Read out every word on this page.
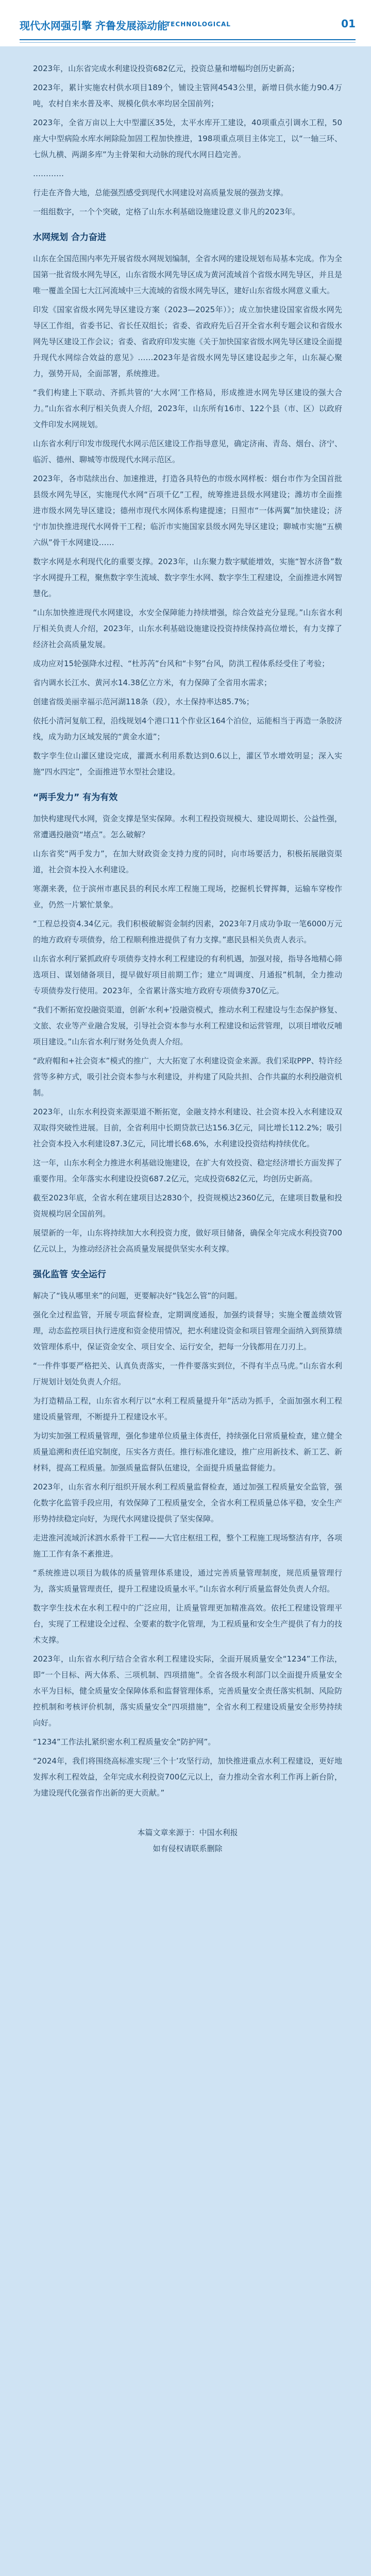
现代水网强引擎 齐鲁发展添动能
TECHNOLOGICAL	01

2023年，山东省完成水利建设投资682亿元，投资总量和增幅均创历史新高；

2023年，累计实施农村供水项目189个，铺设主管网4543公里，新增日供水能力90.4万吨，农村自来水普及率、规模化供水率均居全国前列；

2023年，全省万亩以上大中型灌区35处，太平水库开工建设，40项重点引调水工程，50座大中型病险水库水闸除险加固工程加快推进，198项重点项目主体完工，以“一轴三环、七纵九横、两湖多库”为主骨架和大动脉的现代水网日趋完善。

…………

行走在齐鲁大地，总能强烈感受到现代水网建设对高质量发展的强劲支撑。

一组组数字，一个个突破，定格了山东水利基础设施建设意义非凡的2023年。

水网规划 合力奋进

山东在全国范围内率先开展省级水网规划编制，全省水网的建设规划布局基本完成。作为全国第一批省级水网先导区，山东省级水网先导区成为黄河流域首个省级水网先导区，并且是唯一覆盖全国七大江河流域中三大流域的省级水网先导区，建好山东省级水网意义重大。

印发《国家省级水网先导区建设方案（2023—2025年）》；成立加快建设国家省级水网先导区工作组，省委书记、省长任双组长；省委、省政府先后召开全省水利专题会议和省级水网先导区建设工作会议；省委、省政府印发实施《关于加快国家省级水网先导区建设全面提升现代水网综合效益的意见》……2023年是省级水网先导区建设起步之年，山东凝心聚力，强势开局，全面部署，系统推进。

“我们构建上下联动、齐抓共管的‘大水网’工作格局，形成推进水网先导区建设的强大合力。”山东省水利厅相关负责人介绍，2023年，山东所有16市、122个县（市、区）以政府文件印发水网规划。

山东省水利厅印发市级现代水网示范区建设工作指导意见，确定济南、青岛、烟台、济宁、临沂、德州、聊城等市级现代水网示范区。

2023年，各市陆续出台、加速推进，打造各具特色的市级水网样板：烟台市作为全国首批县级水网先导区，实施现代水网“百项千亿”工程，统筹推进县级水网建设；潍坊市全面推进市级水网先导区建设；德州市现代水网体系构建提速；日照市“一体两翼”加快建设；济宁市加快推进现代水网骨干工程；临沂市实施国家县级水网先导区建设；聊城市实施“五横六纵”骨干水网建设……

数字水网是水利现代化的重要支撑。2023年，山东聚力数字赋能增效，实施“智水济鲁”数字水网提升工程，聚焦数字孪生流域、数字孪生水网、数字孪生工程建设，全面推进水网智慧化。

“山东加快推进现代水网建设，水安全保障能力持续增强，综合效益充分显现。”山东省水利厅相关负责人介绍，2023年，山东水利基础设施建设投资持续保持高位增长，有力支撑了经济社会高质量发展。

成功应对15轮强降水过程、“杜苏芮”台风和“卡努”台风，防洪工程体系经受住了考验；

省内调水长江水、黄河水14.38亿立方米，有力保障了全省用水需求；

创建省级美丽幸福示范河湖118条（段），水土保持率达85.7%；

依托小清河复航工程，沿线规划4个港口11个作业区164个泊位，运能相当于再造一条胶济线，成为助力区域发展的“黄金水道”；

数字孪生位山灌区建设完成，灌溉水利用系数达到0.6以上，灌区节水增效明显；深入实施“四水四定”，全面推进节水型社会建设。

“两手发力” 有为有效

加快构建现代水网，资金支撑是坚实保障。水利工程投资规模大、建设周期长、公益性强，常遭遇投融资“堵点”。怎么破解？

山东省奖“两手发力”，在加大财政资金支持力度的同时，向市场要活力，积极拓展融资渠道，社会资本投入水利建设。

寒潮来袭，位于滨州市惠民县的利民水库工程施工现场，挖掘机长臂挥舞，运输车穿梭作业，仍然一片繁忙景象。

“工程总投资4.34亿元。我们积极破解资金制约因素，2023年7月成功争取一笔6000万元的地方政府专项债券，给工程顺利推进提供了有力支撑。”惠民县相关负责人表示。

山东省水利厅紧抓政府专项债券支持水利工程建设的有利机遇，加强对接，指导各地精心筛选项目、谋划储备项目，提早做好项目前期工作；建立“周调度、月通报”机制，全力推动专项债券发行使用。2023年，全省累计落实地方政府专项债券370亿元。

“我们不断拓宽投融资渠道，创新‘水利+’投融资模式，推动水利工程建设与生态保护修复、文旅、农业等产业融合发展，引导社会资本参与水利工程建设和运营管理，以项目增收反哺项目建设。”山东省水利厅财务处负责人介绍。

“政府帽和+社会资本”模式的推广，大大拓宽了水利建设资金来源。我们采取PPP、特许经营等多种方式，吸引社会资本参与水利建设，并构建了风险共担、合作共赢的水利投融资机制。

2023年，山东水利投资来源渠道不断拓宽，金融支持水利建设、社会资本投入水利建设双双取得突破性进展。目前，全省利用中长期贷款已达156.3亿元，同比增长112.2%；吸引社会资本投入水利建设87.3亿元，同比增长68.6%，水利建设投资结构持续优化。

这一年，山东水利全力推进水利基础设施建设，在扩大有效投资、稳定经济增长方面发挥了重要作用。全年落实水利建设投资687.2亿元，完成投资682亿元，均创历史新高。

截至2023年底，全省水利在建项目达2830个，投资规模达2360亿元，在建项目数量和投资规模均居全国前列。

展望新的一年，山东将持续加大水利投资力度，做好项目储备，确保全年完成水利投资700亿元以上，为推动经济社会高质量发展提供坚实水利支撑。

强化监管 安全运行

解决了“钱从哪里来”的问题，更要解决好“钱怎么管”的问题。

强化全过程监管，开展专项监督检查，定期调度通报，加强约谈督导；实施全覆盖绩效管理，动态监控项目执行进度和资金使用情况，把水利建设资金和项目管理全面纳入到预算绩效管理体系中，保证资金安全、项目安全、运行安全，把每一分钱都用在刀刃上。

“一件件事要严格把关、认真负责落实，一件件要落实到位，不得有半点马虎。”山东省水利厅规划计划处负责人介绍。

为打造精品工程，山东省水利厅以“水利工程质量提升年”活动为抓手，全面加强水利工程建设质量管理，不断提升工程建设水平。

为切实加强工程质量管理，强化参建单位质量主体责任，持续强化日常质量检查，建立健全质量追溯和责任追究制度，压实各方责任。推行标准化建设，推广应用新技术、新工艺、新材料，提高工程质量。加强质量监督队伍建设，全面提升质量监督能力。

2023年，山东省水利厅组织开展水利工程质量监督检查，通过加强工程质量安全监管，强化数字化监管手段应用，有效保障了工程质量安全，全省水利工程质量总体平稳，安全生产形势持续稳定向好，为现代水网建设提供了坚实保障。

走进淮河流域沂沭泗水系骨干工程——大官庄枢纽工程，整个工程施工现场整洁有序，各项施工工作有条不紊推进。

“系统推进以项目为载体的质量管理体系建设，通过完善质量管理制度，规范质量管理行为，落实质量管理责任，提升工程建设质量水平。”山东省水利厅质量监督处负责人介绍。

数字孪生技术在水利工程中的广泛应用，让质量管理更加精准高效。依托工程建设管理平台，实现了工程建设全过程、全要素的数字化管理，为工程质量和安全生产提供了有力的技术支撑。

2023年，山东省水利厅结合全省水利工程建设实际，全面开展质量安全“1234”工作法，即“一个目标、两大体系、三项机制、四项措施”。全省各级水利部门以全面提升质量安全水平为目标，健全质量安全保障体系和监督管理体系，完善质量安全责任落实机制、风险防控机制和考核评价机制，落实质量安全“四项措施”，全省水利工程建设质量安全形势持续向好。

“1234”工作法扎紧织密水利工程质量安全“防护网”。

“2024年，我们将围绕高标准实现‘三个十’攻坚行动，加快推进重点水利工程建设，更好地发挥水利工程效益，全年完成水利投资700亿元以上，奋力推动全省水利工作再上新台阶，为建设现代化强省作出新的更大贡献。”

本篇文章来源于：中国水利报

如有侵权请联系删除
